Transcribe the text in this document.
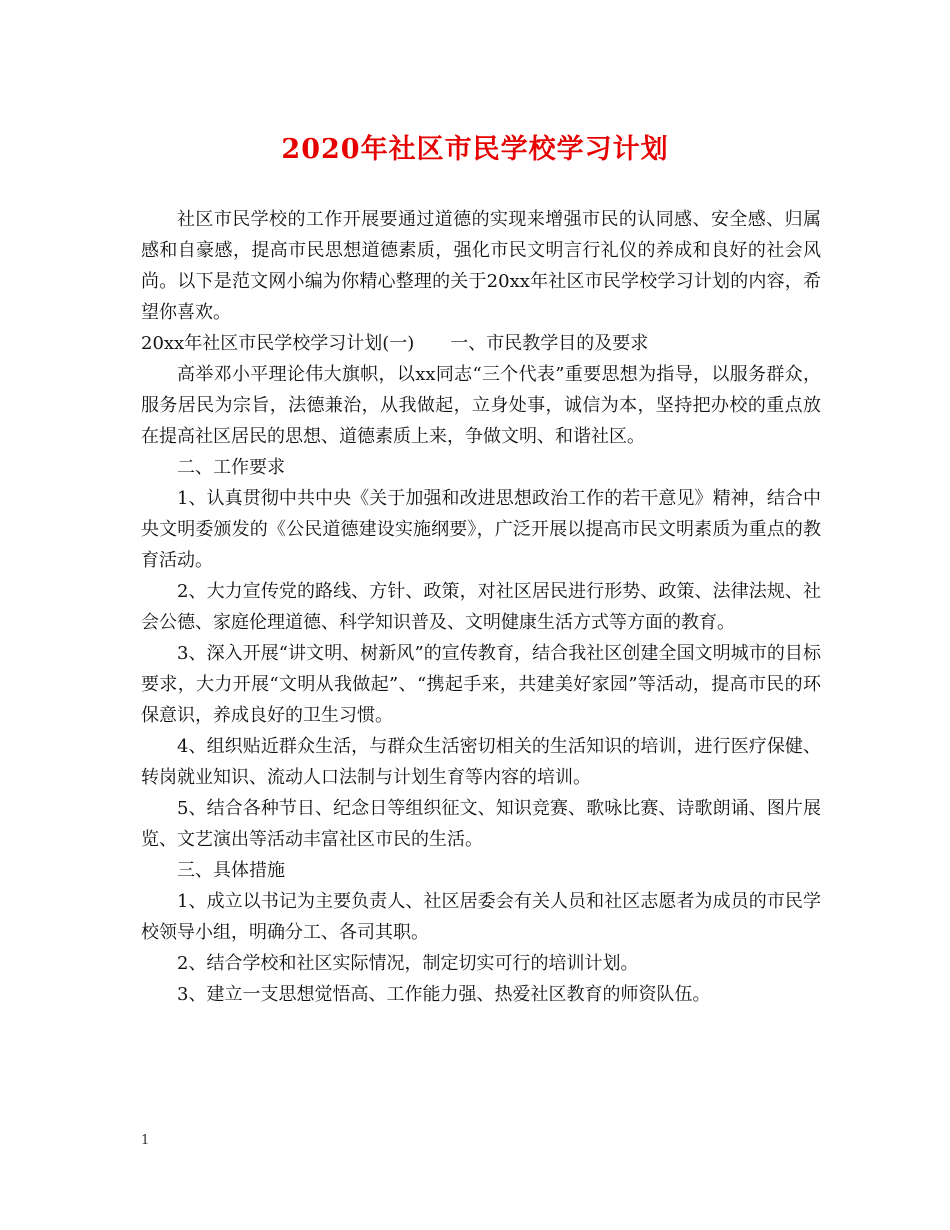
2020年社区市民学校学习计划

社区市民学校的工作开展要通过道德的实现来增强市民的认同感、安全感、归属感和自豪感，提高市民思想道德素质，强化市民文明言行礼仪的养成和良好的社会风尚。以下是范文网小编为你精心整理的关于20xx年社区市民学校学习计划的内容，希望你喜欢。

20xx年社区市民学校学习计划(一)　　一、市民教学目的及要求

高举邓小平理论伟大旗帜，以xx同志“三个代表”重要思想为指导，以服务群众，服务居民为宗旨，法德兼治，从我做起，立身处事，诚信为本，坚持把办校的重点放在提高社区居民的思想、道德素质上来，争做文明、和谐社区。

二、工作要求

1、认真贯彻中共中央《关于加强和改进思想政治工作的若干意见》精神，结合中央文明委颁发的《公民道德建设实施纲要》，广泛开展以提高市民文明素质为重点的教育活动。

2、大力宣传党的路线、方针、政策，对社区居民进行形势、政策、法律法规、社会公德、家庭伦理道德、科学知识普及、文明健康生活方式等方面的教育。

3、深入开展“讲文明、树新风”的宣传教育，结合我社区创建全国文明城市的目标要求，大力开展“文明从我做起”、“携起手来，共建美好家园”等活动，提高市民的环保意识，养成良好的卫生习惯。

4、组织贴近群众生活，与群众生活密切相关的生活知识的培训，进行医疗保健、转岗就业知识、流动人口法制与计划生育等内容的培训。

5、结合各种节日、纪念日等组织征文、知识竞赛、歌咏比赛、诗歌朗诵、图片展览、文艺演出等活动丰富社区市民的生活。

三、具体措施

1、成立以书记为主要负责人、社区居委会有关人员和社区志愿者为成员的市民学校领导小组，明确分工、各司其职。

2、结合学校和社区实际情况，制定切实可行的培训计划。

3、建立一支思想觉悟高、工作能力强、热爱社区教育的师资队伍。

1
